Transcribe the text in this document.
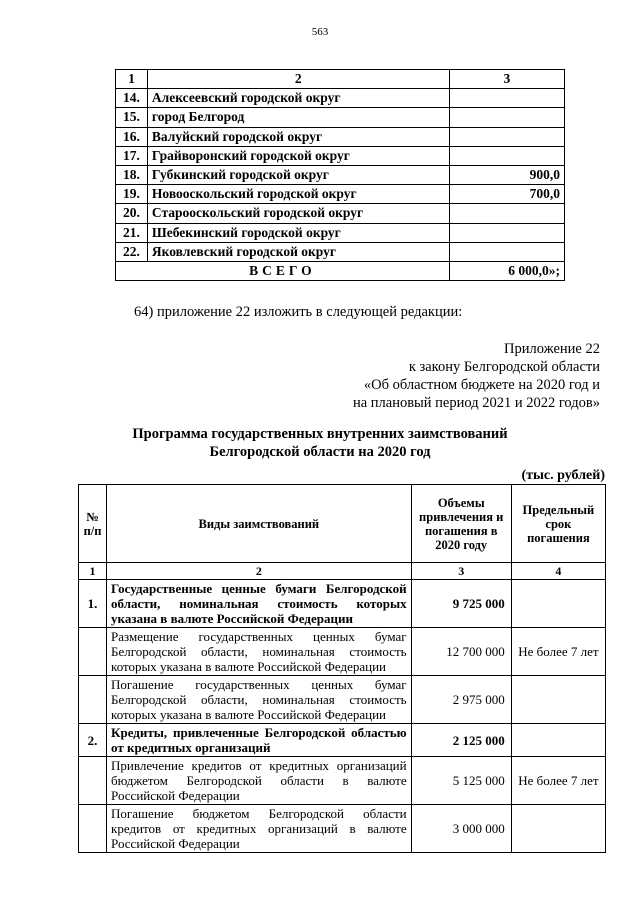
563
1	2	3
14.	Алексеевский городской округ	
15.	город Белгород	
16.	Валуйский городской округ	
17.	Грайворонский городской округ	
18.	Губкинский городской округ	900,0
19.	Новооскольский городской округ	700,0
20.	Старооскольский городской округ	
21.	Шебекинский городской округ	
22.	Яковлевский городской округ	
ВСЕГО		6 000,0»;
64) приложение 22 изложить в следующей редакции:
Приложение 22
к закону Белгородской области
«Об областном бюджете на 2020 год и
на плановый период 2021 и 2022 годов»
Программа государственных внутренних заимствований
Белгородской области на 2020 год
(тыс. рублей)
№ п/п	Виды заимствований	Объемы привлечения и погашения в 2020 году	Предельный срок погашения
1	2	3	4
1.	Государственные ценные бумаги Белгородской области, номинальная стоимость которых указана в валюте Российской Федерации	9 725 000	
	Размещение государственных ценных бумаг Белгородской области, номинальная стоимость которых указана в валюте Российской Федерации	12 700 000	Не более 7 лет
	Погашение государственных ценных бумаг Белгородской области, номинальная стоимость которых указана в валюте Российской Федерации	2 975 000	
2.	Кредиты, привлеченные Белгородской областью от кредитных организаций	2 125 000	
	Привлечение кредитов от кредитных организаций бюджетом Белгородской области в валюте Российской Федерации	5 125 000	Не более 7 лет
	Погашение бюджетом Белгородской области кредитов от кредитных организаций в валюте Российской Федерации	3 000 000	
